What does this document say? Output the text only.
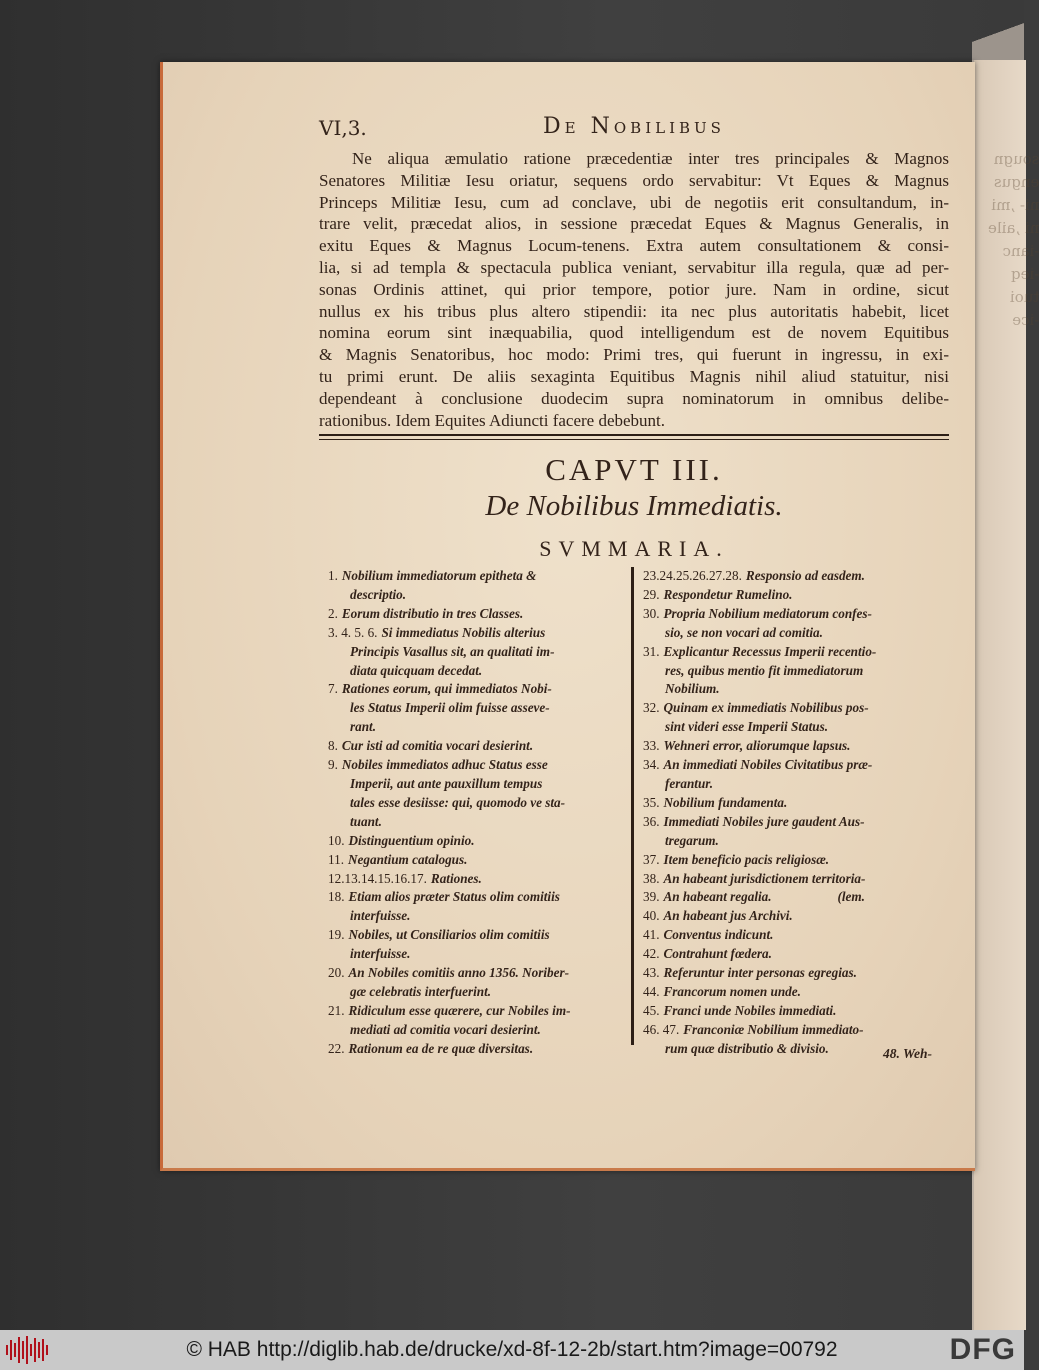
sougn
engus
ni- ,mi
ni ,aile
-ianc
-ieq
tuoi
-ice

VI,3.	De Nobilibus
Ne aliqua æmulatio ratione præcedentiæ inter tres principales & Magnos
Senatores Militiæ Iesu oriatur, sequens ordo servabitur: Vt Eques & Magnus
Princeps Militiæ Iesu, cum ad conclave, ubi de negotiis erit consultandum, in-
trare velit, præcedat alios, in sessione præcedat Eques & Magnus Generalis, in
exitu Eques & Magnus Locum-tenens. Extra autem consultationem & consi-
lia, si ad templa & spectacula publica veniant, servabitur illa regula, quæ ad per-
sonas Ordinis attinet, qui prior tempore, potior jure. Nam in ordine, sicut
nullus ex his tribus plus altero stipendii: ita nec plus autoritatis habebit, licet
nomina eorum sint inæquabilia, quod intelligendum est de novem Equitibus
& Magnis Senatoribus, hoc modo: Primi tres, qui fuerunt in ingressu, in exi-
tu primi erunt. De aliis sexaginta Equitibus Magnis nihil aliud statuitur, nisi
dependeant à conclusione duodecim supra nominatorum in omnibus delibe-
rationibus. Idem Equites Adiuncti facere debebunt.
CAPVT III.
De Nobilibus Immediatis.
SVMMARIA.
1. Nobilium immediatorum epitheta &
descriptio.
2. Eorum distributio in tres Classes.
3. 4. 5. 6. Si immediatus Nobilis alterius
Principis Vasallus sit, an qualitati im-
diata quicquam decedat.
7. Rationes eorum, qui immediatos Nobi-
les Status Imperii olim fuisse asseve-
rant.
8. Cur isti ad comitia vocari desierint.
9. Nobiles immediatos adhuc Status esse
Imperii, aut ante pauxillum tempus
tales esse desiisse: qui, quomodo ve sta-
tuant.
10. Distinguentium opinio.
11. Negantium catalogus.
12.13.14.15.16.17. Rationes.
18. Etiam alios præter Status olim comitiis
interfuisse.
19. Nobiles, ut Consiliarios olim comitiis
interfuisse.
20. An Nobiles comitiis anno 1356. Noriber-
gæ celebratis interfuerint.
21. Ridiculum esse quærere, cur Nobiles im-
mediati ad comitia vocari desierint.
22. Rationum ea de re quæ diversitas.
23.24.25.26.27.28. Responsio ad easdem.
29. Respondetur Rumelino.
30. Propria Nobilium mediatorum confes-
sio, se non vocari ad comitia.
31. Explicantur Recessus Imperii recentio-
res, quibus mentio fit immediatorum
Nobilium.
32. Quinam ex immediatis Nobilibus pos-
sint videri esse Imperii Status.
33. Wehneri error, aliorumque lapsus.
34. An immediati Nobiles Civitatibus præ-
ferantur.
35. Nobilium fundamenta.
36. Immediati Nobiles jure gaudent Aus-
tregarum.
37. Item beneficio pacis religiosæ.
38. An habeant jurisdictionem territoria-
39. An habeant regalia.                    (lem.
40. An habeant jus Archivi.
41. Conventus indicunt.
42. Contrahunt fœdera.
43. Referuntur inter personas egregias.
44. Francorum nomen unde.
45. Franci unde Nobiles immediati.
46. 47. Franconiæ Nobilium immediato-
rum quæ distributio & divisio.	48. Weh-
© HAB http://diglib.hab.de/drucke/xd-8f-12-2b/start.htm?image=00792	DFG
